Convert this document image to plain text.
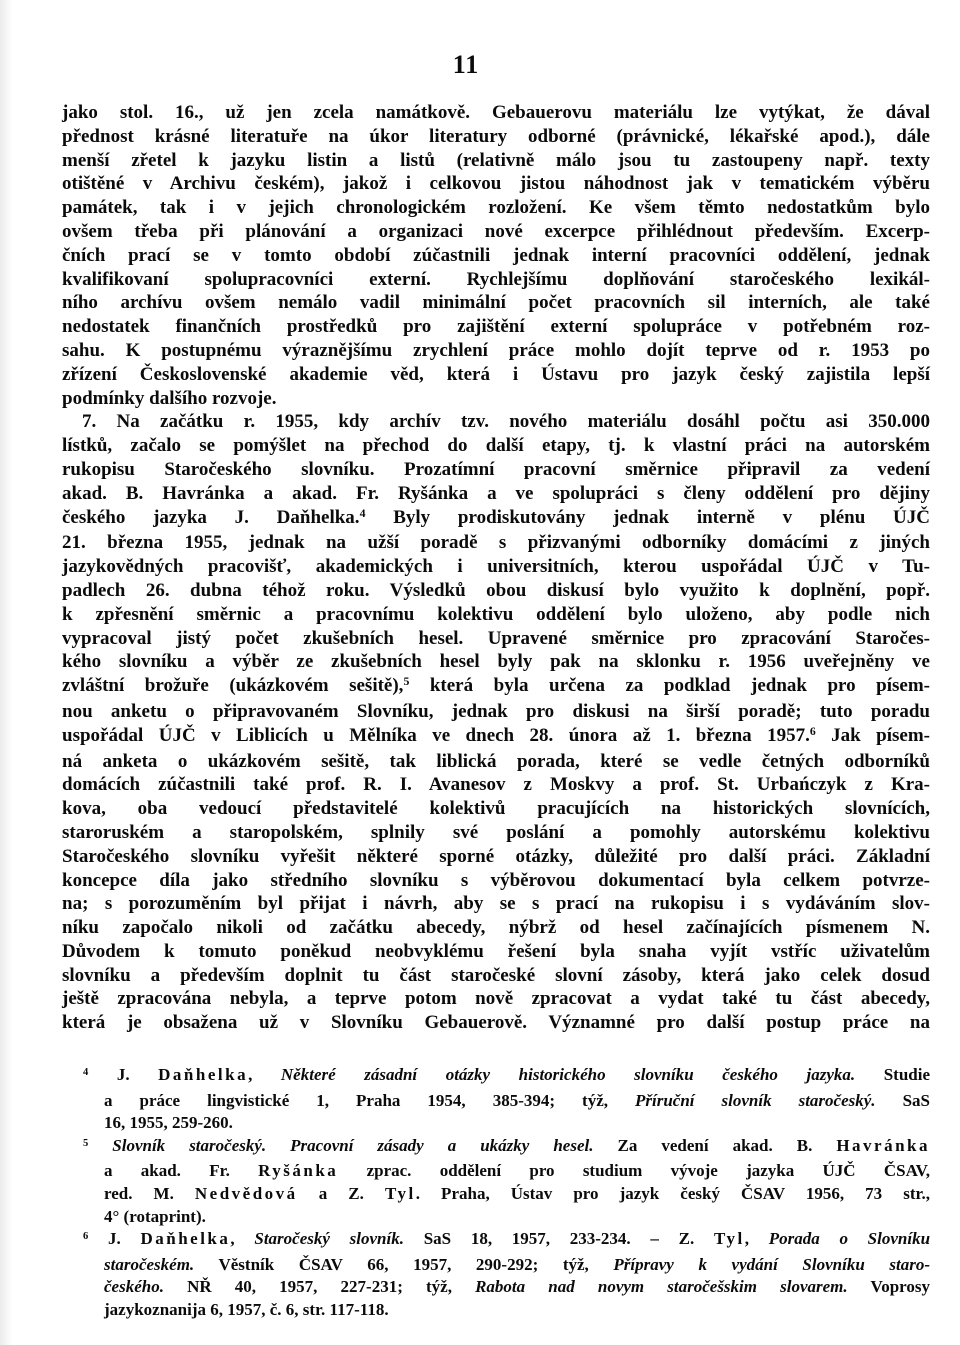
11
jako stol. 16., už jen zcela namátkově. Gebauerovu materiálu lze vytýkat, že dával
přednost krásné literatuře na úkor literatury odborné (právnické, lékařské apod.), dále
menší zřetel k jazyku listin a listů (relativně málo jsou tu zastoupeny např. texty
otištěné v Archivu českém), jakož i celkovou jistou náhodnost jak v tematickém výběru
památek, tak i v jejich chronologickém rozložení. Ke všem těmto nedostatkům bylo
ovšem třeba při plánování a organizaci nové excerpce přihlédnout především. Excerp-
čních prací se v tomto období zúčastnili jednak interní pracovníci oddělení, jednak
kvalifikovaní spolupracovníci externí. Rychlejšímu doplňování staročeského lexikál-
ního archívu ovšem nemálo vadil minimální počet pracovních sil interních, ale také
nedostatek finančních prostředků pro zajištění externí spolupráce v potřebném roz-
sahu. K postupnému výraznějšímu zrychlení práce mohlo dojít teprve od r. 1953 po
zřízení Československé akademie věd, která i Ústavu pro jazyk český zajistila lepší
podmínky dalšího rozvoje.
7. Na začátku r. 1955, kdy archív tzv. nového materiálu dosáhl počtu asi 350.000
lístků, začalo se pomýšlet na přechod do další etapy, tj. k vlastní práci na autorském
rukopisu Staročeského slovníku. Prozatímní pracovní směrnice připravil za vedení
akad. B. Havránka a akad. Fr. Ryšánka a ve spolupráci s členy oddělení pro dějiny
českého jazyka J. Daňhelka.$^4$ Byly prodiskutovány jednak interně v plénu ÚJČ
21. března 1955, jednak na užší poradě s přizvanými odborníky domácími z jiných
jazykovědných pracovišť, akademických i universitních, kterou uspořádal ÚJČ v Tu-
padlech 26. dubna téhož roku. Výsledků obou diskusí bylo využito k doplnění, popř.
k zpřesnění směrnic a pracovnímu kolektivu oddělení bylo uloženo, aby podle nich
vypracoval jistý počet zkušebních hesel. Upravené směrnice pro zpracování Staročes-
kého slovníku a výběr ze zkušebních hesel byly pak na sklonku r. 1956 uveřejněny ve
zvláštní brožuře (ukázkovém sešitě),$^5$ která byla určena za podklad jednak pro písem-
nou anketu o připravovaném Slovníku, jednak pro diskusi na širší poradě; tuto poradu
uspořádal ÚJČ v Liblicích u Mělníka ve dnech 28. února až 1. března 1957.$^6$ Jak písem-
ná anketa o ukázkovém sešitě, tak liblická porada, které se vedle četných odborníků
domácích zúčastnili také prof. R. I. Avanesov z Moskvy a prof. St. Urbańczyk z Kra-
kova, oba vedoucí představitelé kolektivů pracujících na historických slovnících,
staroruském a staropolském, splnily své poslání a pomohly autorskému kolektivu
Staročeského slovníku vyřešit některé sporné otázky, důležité pro další práci. Základní
koncepce díla jako středního slovníku s výběrovou dokumentací byla celkem potvrze-
na; s porozuměním byl přijat i návrh, aby se s prací na rukopisu i s vydáváním slov-
níku započalo nikoli od začátku abecedy, nýbrž od hesel začínajících písmenem N.
Důvodem k tomuto poněkud neobvyklému řešení byla snaha vyjít vstříc uživatelům
slovníku a především doplnit tu část staročeské slovní zásoby, která jako celek dosud
ještě zpracována nebyla, a teprve potom nově zpracovat a vydat také tu část abecedy,
která je obsažena už v Slovníku Gebauerově. Významné pro další postup práce na
$^4$ J. Daňhelka, Některé zásadní otázky historického slovníku českého jazyka. Studie
a práce lingvistické 1, Praha 1954, 385-394; týž, Příruční slovník staročeský. SaS
16, 1955, 259-260.
$^5$ Slovník staročeský. Pracovní zásady a ukázky hesel. Za vedení akad. B. Havránka
a akad. Fr. Ryšánka zprac. oddělení pro studium vývoje jazyka ÚJČ ČSAV,
red. M. Nedvědová a Z. Tyl. Praha, Ústav pro jazyk český ČSAV 1956, 73 str.,
4° (rotaprint).
$^6$ J. Daňhelka, Staročeský slovník. SaS 18, 1957, 233-234. – Z. Tyl, Porada o Slovníku
staročeském. Věstník ČSAV 66, 1957, 290-292; týž, Přípravy k vydání Slovníku staro-
českého. NŘ 40, 1957, 227-231; týž, Rabota nad novym staročešskim slovarem. Voprosy
jazykoznanija 6, 1957, č. 6, str. 117-118.
